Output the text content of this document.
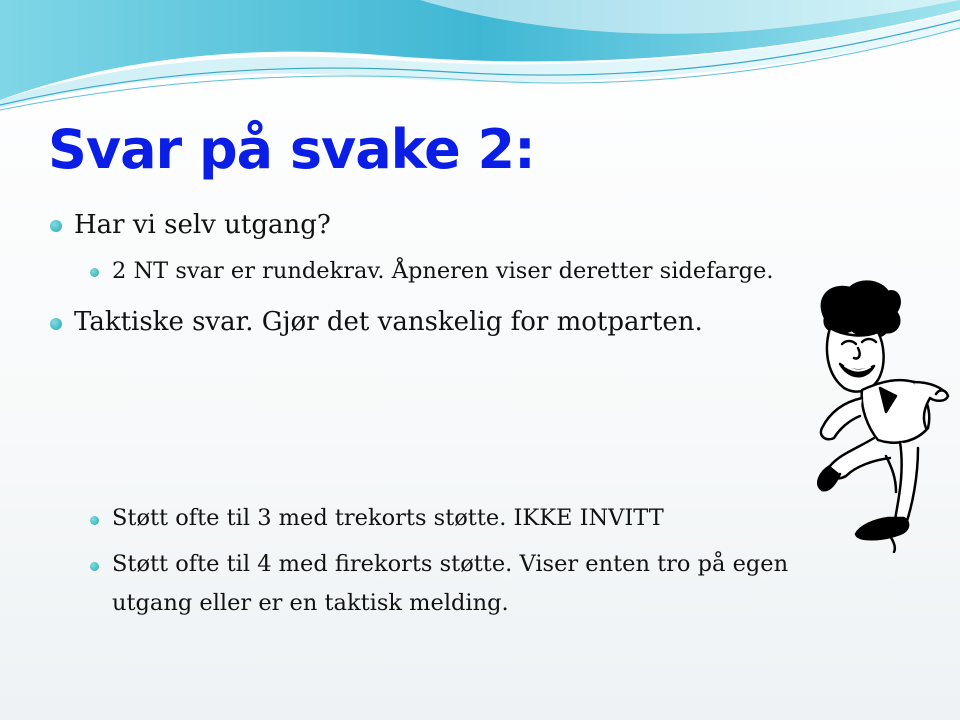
Svar på svake 2:
Har vi selv utgang?
2 NT svar er rundekrav. Åpneren viser deretter sidefarge.
Taktiske svar. Gjør det vanskelig for motparten.
Støtt ofte til 3 med trekorts støtte. IKKE INVITT
Støtt ofte til 4 med firekorts støtte. Viser enten tro på egen
utgang eller er en taktisk melding.
